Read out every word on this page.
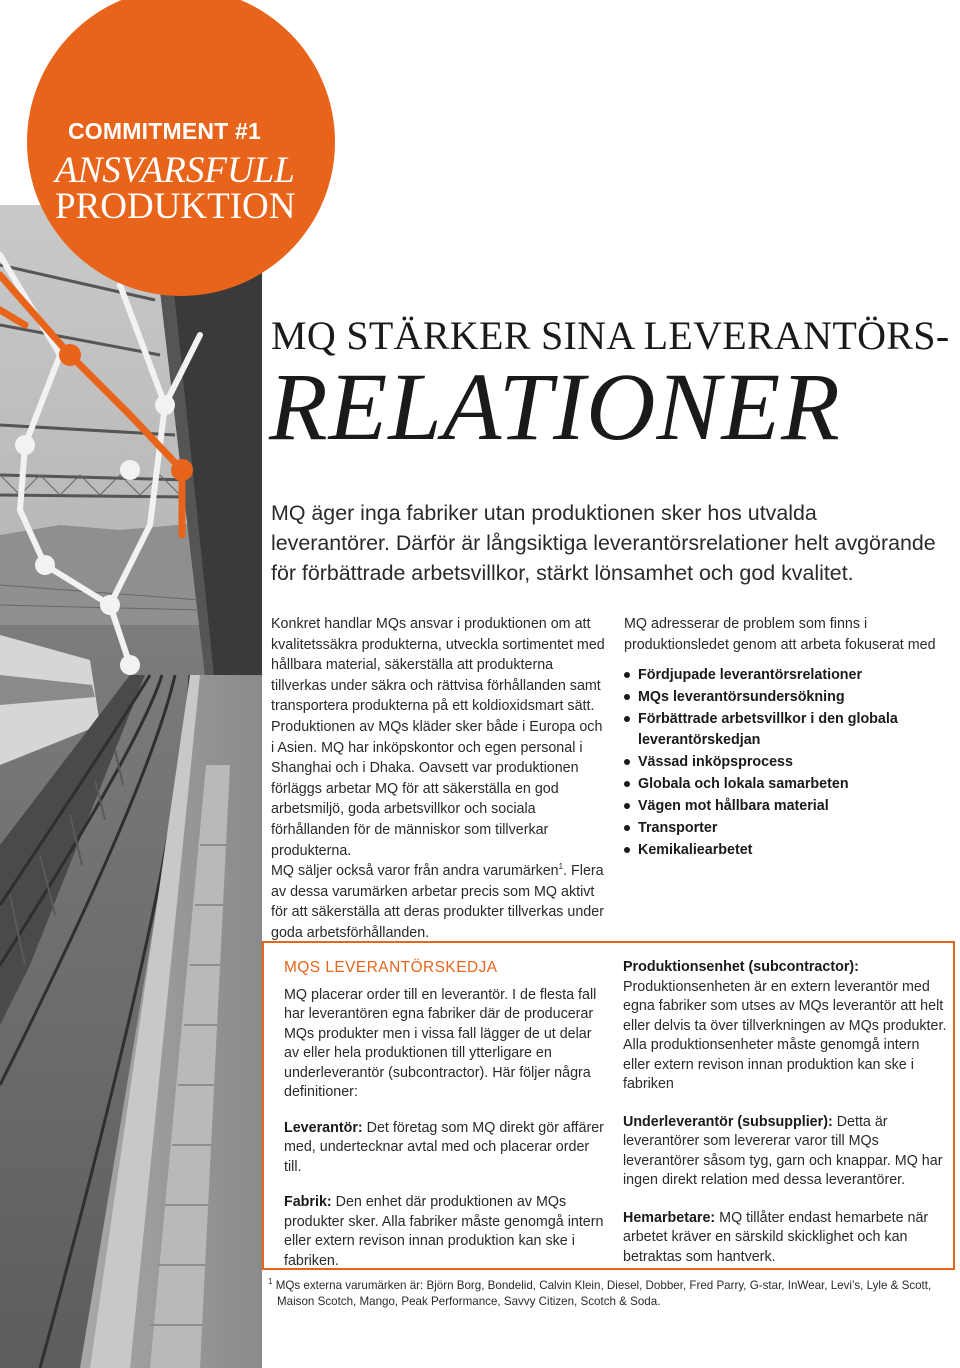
COMMITMENT #1
ANSVARSFULL
PRODUKTION
MQ STÄRKER SINA LEVERANTÖRS-
RELATIONER

MQ äger inga fabriker utan produktionen sker hos utvalda leverantörer. Därför är långsiktiga leverantörsrelationer helt avgörande för förbättrade arbetsvillkor, stärkt lönsamhet och god kvalitet.

Konkret handlar MQs ansvar i produktionen om att kvalitetssäkra produkterna, utveckla sortimentet med hållbara material, säkerställa att produkterna tillverkas under säkra och rättvisa förhållanden samt transportera produkterna på ett koldioxidsmart sätt. Produktionen av MQs kläder sker både i Europa och i Asien. MQ har inköpskontor och egen personal i Shanghai och i Dhaka. Oavsett var produktionen förläggs arbetar MQ för att säkerställa en god arbetsmiljö, goda arbetsvillkor och sociala förhållanden för de människor som tillverkar produkterna.

MQ säljer också varor från andra varumärken$^1$. Flera av dessa varumärken arbetar precis som MQ aktivt för att säkerställa att deras produkter tillverkas under goda arbetsförhållanden.

MQ adresserar de problem som finns i produktionsledet genom att arbeta fokuserat med

Fördjupade leverantörsrelationer
MQs leverantörsundersökning
Förbättrade arbetsvillkor i den globala leverantörskedjan
Vässad inköpsprocess
Globala och lokala samarbeten
Vägen mot hållbara material
Transporter
Kemikaliearbetet

MQS LEVERANTÖRSKEDJA

MQ placerar order till en leverantör. I de flesta fall har leverantören egna fabriker där de producerar MQs produkter men i vissa fall lägger de ut delar av eller hela produktionen till ytterligare en underleverantör (subcontractor). Här följer några definitioner:

Leverantör: Det företag som MQ direkt gör affärer med, undertecknar avtal med och placerar order till.

Fabrik: Den enhet där produktionen av MQs produkter sker. Alla fabriker måste genomgå intern eller extern revison innan produktion kan ske i fabriken.

Produktionsenhet (subcontractor): Produktionsenheten är en extern leverantör med egna fabriker som utses av MQs leverantör att helt eller delvis ta över tillverkningen av MQs produkter. Alla produktionsenheter måste genomgå intern eller extern revison innan produktion kan ske i fabriken

Underleverantör (subsupplier): Detta är leverantörer som levererar varor till MQs leverantörer såsom tyg, garn och knappar. MQ har ingen direkt relation med dessa leverantörer.

Hemarbetare: MQ tillåter endast hemarbete när arbetet kräver en särskild skicklighet och kan betraktas som hantverk.

$^1$ MQs externa varumärken är: Björn Borg, Bondelid, Calvin Klein, Diesel, Dobber, Fred Parry, G-star, InWear, Levi’s, Lyle & Scott,
Maison Scotch, Mango, Peak Performance, Savvy Citizen, Scotch & Soda.
